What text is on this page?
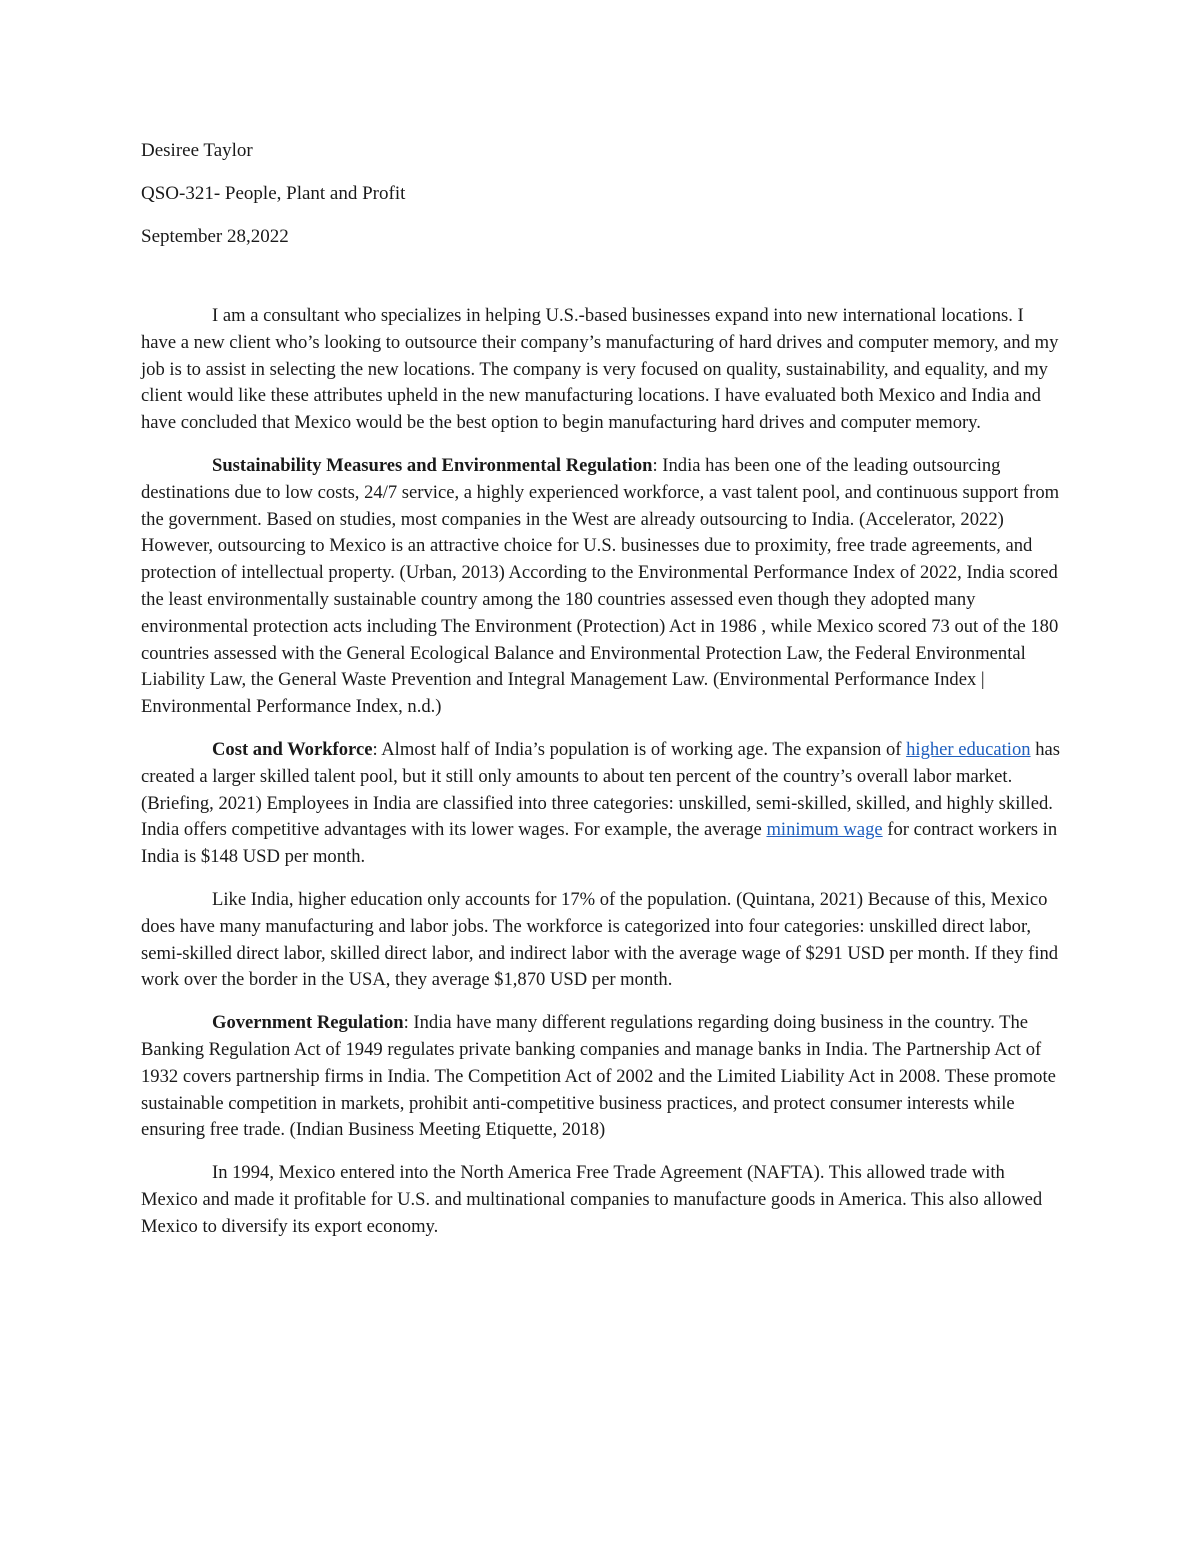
Desiree Taylor
QSO-321- People, Plant and Profit
September 28,2022

I am a consultant who specializes in helping U.S.-based businesses expand into new international locations. I have a new client who’s looking to outsource their company’s manufacturing of hard drives and computer memory, and my job is to assist in selecting the new locations. The company is very focused on quality, sustainability, and equality, and my client would like these attributes upheld in the new manufacturing locations. I have evaluated both Mexico and India and have concluded that Mexico would be the best option to begin manufacturing hard drives and computer memory.

Sustainability Measures and Environmental Regulation: India has been one of the leading outsourcing destinations due to low costs, 24/7 service, a highly experienced workforce, a vast talent pool, and continuous support from the government. Based on studies, most companies in the West are already outsourcing to India. (Accelerator, 2022) However, outsourcing to Mexico is an attractive choice for U.S. businesses due to proximity, free trade agreements, and protection of intellectual property. (Urban, 2013) According to the Environmental Performance Index of 2022, India scored the least environmentally sustainable country among the 180 countries assessed even though they adopted many environmental protection acts including The Environment (Protection) Act in 1986 , while Mexico scored 73 out of the 180 countries assessed with the General Ecological Balance and Environmental Protection Law, the Federal Environmental Liability Law, the General Waste Prevention and Integral Management Law. (Environmental Performance Index | Environmental Performance Index, n.d.)

Cost and Workforce: Almost half of India’s population is of working age. The expansion of higher education has created a larger skilled talent pool, but it still only amounts to about ten percent of the country’s overall labor market. (Briefing, 2021) Employees in India are classified into three categories: unskilled, semi-skilled, skilled, and highly skilled. India offers competitive advantages with its lower wages. For example, the average minimum wage for contract workers in India is $148 USD per month.

Like India, higher education only accounts for 17% of the population. (Quintana, 2021) Because of this, Mexico does have many manufacturing and labor jobs. The workforce is categorized into four categories: unskilled direct labor, semi-skilled direct labor, skilled direct labor, and indirect labor with the average wage of $291 USD per month. If they find work over the border in the USA, they average $1,870 USD per month.

Government Regulation: India have many different regulations regarding doing business in the country. The Banking Regulation Act of 1949 regulates private banking companies and manage banks in India. The Partnership Act of 1932 covers partnership firms in India. The Competition Act of 2002 and the Limited Liability Act in 2008. These promote sustainable competition in markets, prohibit anti-competitive business practices, and protect consumer interests while ensuring free trade. (Indian Business Meeting Etiquette, 2018)

In 1994, Mexico entered into the North America Free Trade Agreement (NAFTA). This allowed trade with Mexico and made it profitable for U.S. and multinational companies to manufacture goods in America. This also allowed Mexico to diversify its export economy.
